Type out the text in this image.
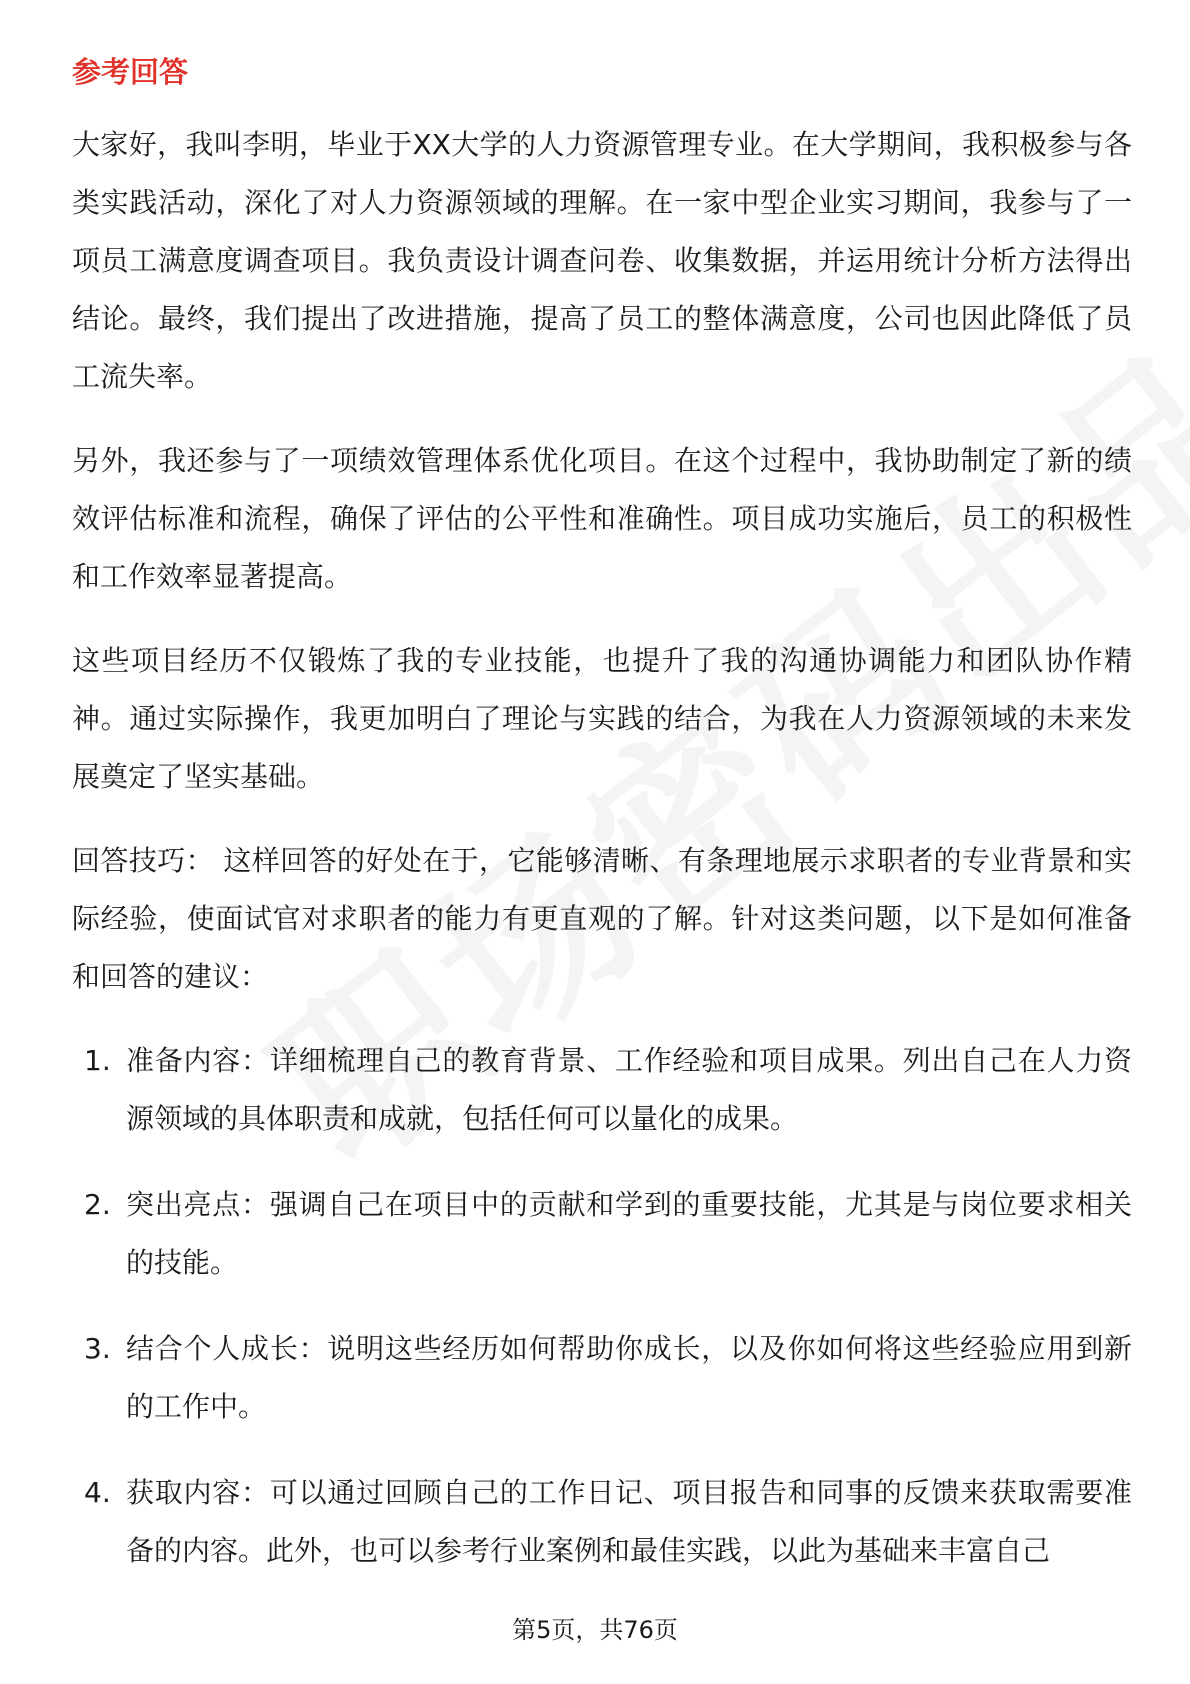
参考回答

大家好，我叫李明，毕业于XX大学的人力资源管理专业。在大学期间，我积极参与各类实践活动，深化了对人力资源领域的理解。在一家中型企业实习期间，我参与了一项员工满意度调查项目。我负责设计调查问卷、收集数据，并运用统计分析方法得出结论。最终，我们提出了改进措施，提高了员工的整体满意度，公司也因此降低了员工流失率。

另外，我还参与了一项绩效管理体系优化项目。在这个过程中，我协助制定了新的绩效评估标准和流程，确保了评估的公平性和准确性。项目成功实施后，员工的积极性和工作效率显著提高。

这些项目经历不仅锻炼了我的专业技能，也提升了我的沟通协调能力和团队协作精神。通过实际操作，我更加明白了理论与实践的结合，为我在人力资源领域的未来发展奠定了坚实基础。

回答技巧： 这样回答的好处在于，它能够清晰、有条理地展示求职者的专业背景和实际经验，使面试官对求职者的能力有更直观的了解。针对这类问题，以下是如何准备和回答的建议：

1. 准备内容：详细梳理自己的教育背景、工作经验和项目成果。列出自己在人力资源领域的具体职责和成就，包括任何可以量化的成果。
2. 突出亮点：强调自己在项目中的贡献和学到的重要技能，尤其是与岗位要求相关的技能。
3. 结合个人成长：说明这些经历如何帮助你成长，以及你如何将这些经验应用到新的工作中。
4. 获取内容：可以通过回顾自己的工作日记、项目报告和同事的反馈来获取需要准备的内容。此外，也可以参考行业案例和最佳实践，以此为基础来丰富自己
第5页，共76页
